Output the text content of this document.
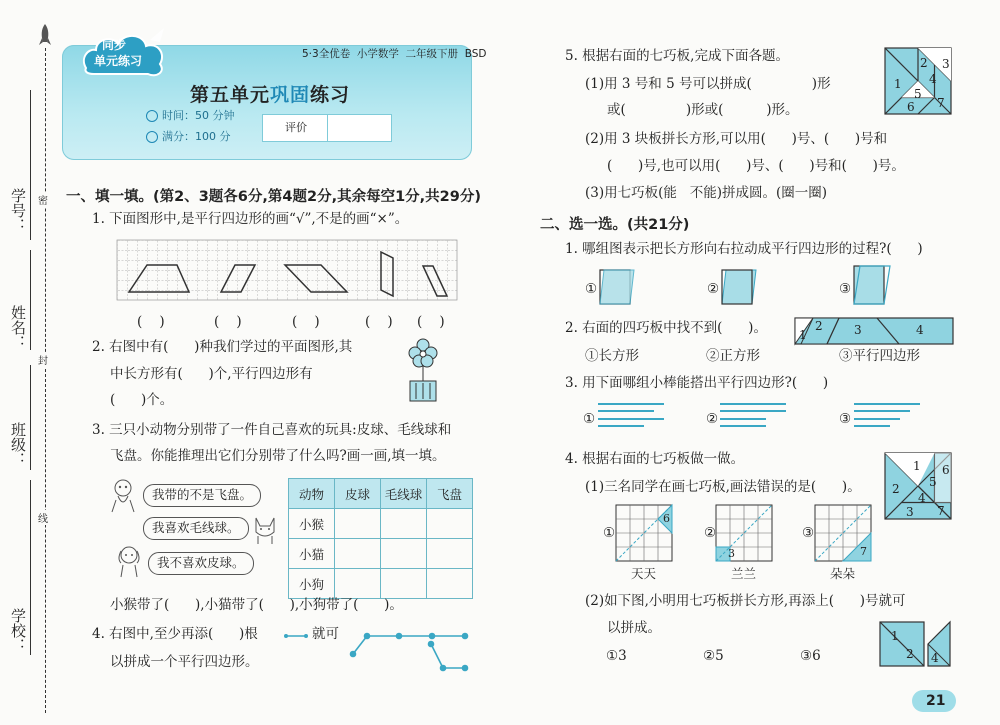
学号：
姓名：
班级：
学校：
密
封
线
同步
单元练习	5·3全优卷  小学数学  二年级下册  BSD
第五单元巩固练习
时间：50 分钟
满分：100 分
评价
一、填一填。(第2、3题各6分,第4题2分,其余每空1分,共29分)
1. 下面图形中,是平行四边形的画“√”,不是的画“×”。
(    )	(    )	(    )	(    ) (    )
2. 右图中有(      )种我们学过的平面图形,其
中长方形有(      )个,平行四边形有
(      )个。
3. 三只小动物分别带了一件自己喜欢的玩具:皮球、毛线球和
飞盘。你能推理出它们分别带了什么吗?画一画,填一填。
我带的不是飞盘。
我喜欢毛线球。
我不喜欢皮球。
动物	皮球	毛线球	飞盘
小猴			
小猫			
小狗			
小猴带了(      ),小猫带了(      ),小狗带了(      )。
4. 右图中,至少再添(      )根	就可
以拼成一个平行四边形。
5. 根据右面的七巧板,完成下面各题。
(1)用 3 号和 5 号可以拼成(              )形
或(              )形或(          )形。
(2)用 3 块板拼长方形,可以用(      )号、(      )号和
(      )号,也可以用(      )号、(      )号和(      )号。
(3)用七巧板(能   不能)拼成圆。(圈一圈)
1
2 3
4
5
6 7
二、选一选。(共21分)
1. 哪组图表示把长方形向右拉动成平行四边形的过程?(      )
①	②	③
2. 右面的四巧板中找不到(      )。	1
2	3	4
①长方形	②正方形	③平行四边形
3. 用下面哪组小棒能搭出平行四边形?(      )
①	②	③
4. 根据右面的七巧板做一做。
(1)三名同学在画七巧板,画法错误的是(      )。
1
2
3
4
5
6
7
①
6
天天
②
3
兰兰
③
7
朵朵
(2)如下图,小明用七巧板拼长方形,再添上(      )号就可
以拼成。
①3	②5	③6
1
2 4
21
